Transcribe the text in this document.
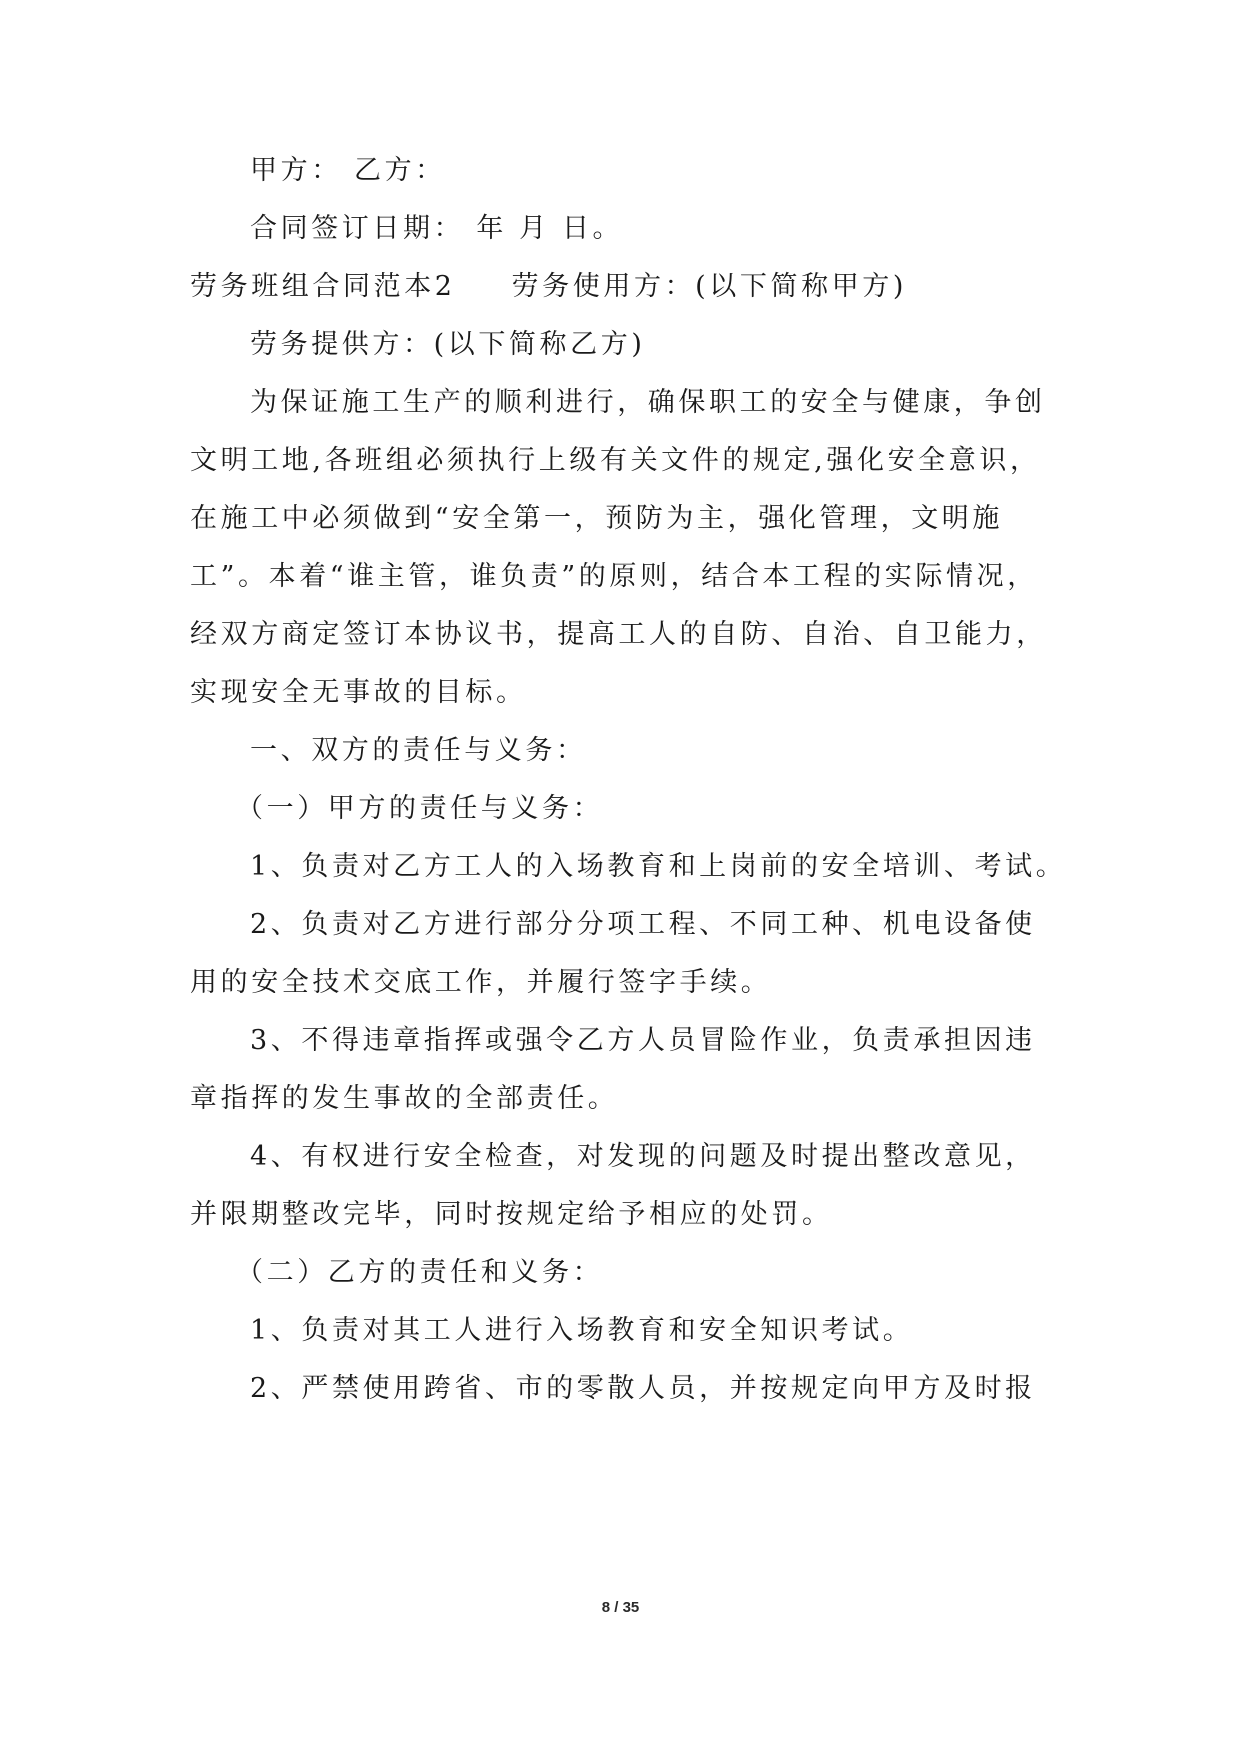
甲方： 乙方：
合同签订日期： 年 月 日。
劳务班组合同范本2 劳务使用方：(以下简称甲方)
劳务提供方：(以下简称乙方)
为保证施工生产的顺利进行，确保职工的安全与健康，争创
文明工地,各班组必须执行上级有关文件的规定,强化安全意识，
在施工中必须做到“安全第一，预防为主，强化管理，文明施
工”。本着“谁主管，谁负责”的原则，结合本工程的实际情况，
经双方商定签订本协议书，提高工人的自防、自治、自卫能力，
实现安全无事故的目标。
一、双方的责任与义务：
（一）甲方的责任与义务：
1、负责对乙方工人的入场教育和上岗前的安全培训、考试。
2、负责对乙方进行部分分项工程、不同工种、机电设备使
用的安全技术交底工作，并履行签字手续。
3、不得违章指挥或强令乙方人员冒险作业，负责承担因违
章指挥的发生事故的全部责任。
4、有权进行安全检查，对发现的问题及时提出整改意见，
并限期整改完毕，同时按规定给予相应的处罚。
（二）乙方的责任和义务：
1、负责对其工人进行入场教育和安全知识考试。
2、严禁使用跨省、市的零散人员，并按规定向甲方及时报
8 / 35
